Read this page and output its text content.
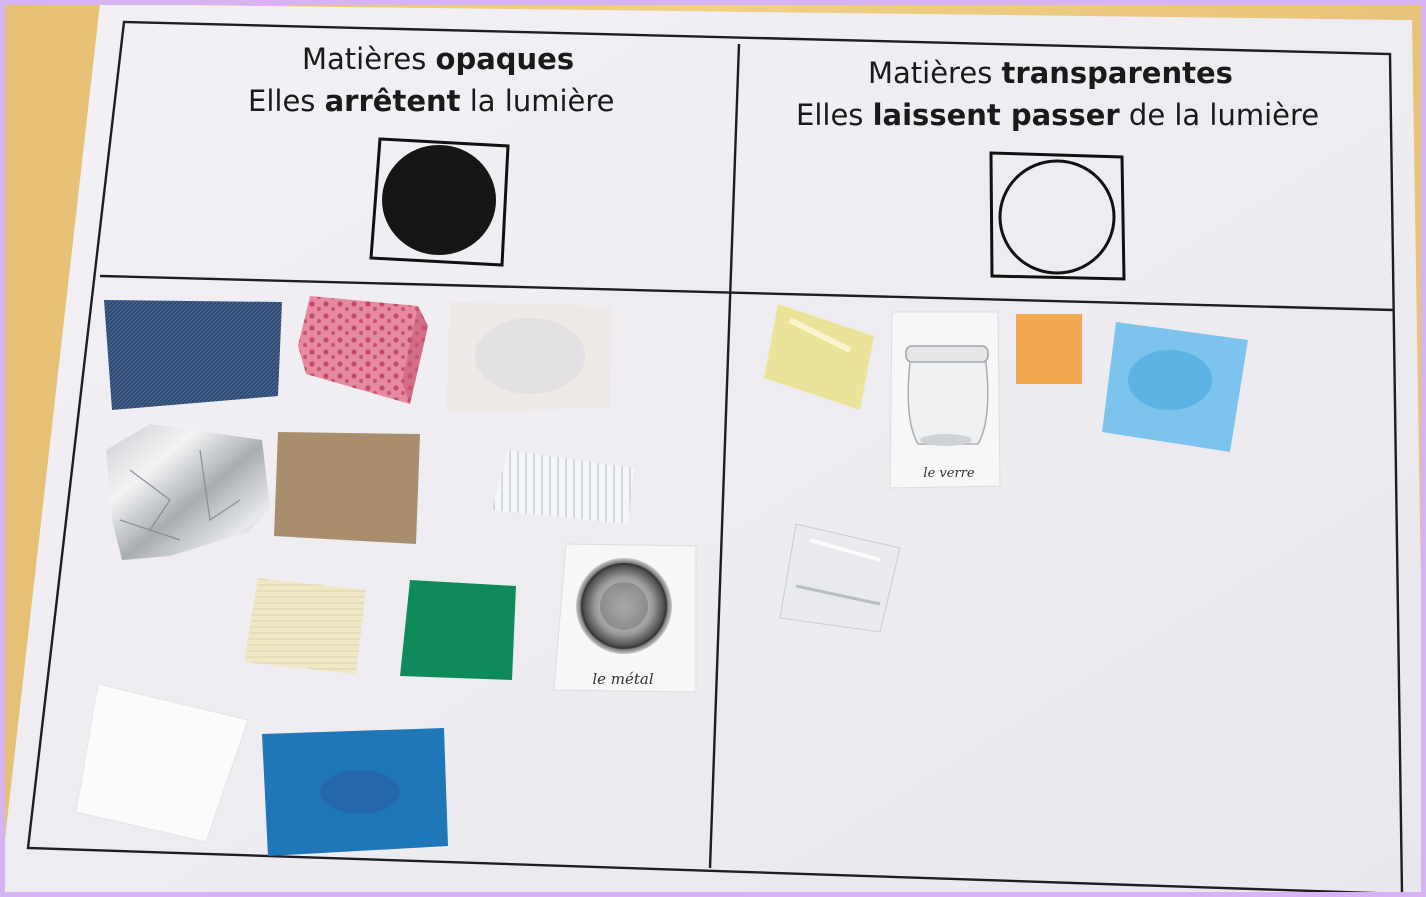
Matières opaques
Elles arrêtent la lumière
Matières transparentes
Elles laissent passer de la lumière
le métal
le verre
